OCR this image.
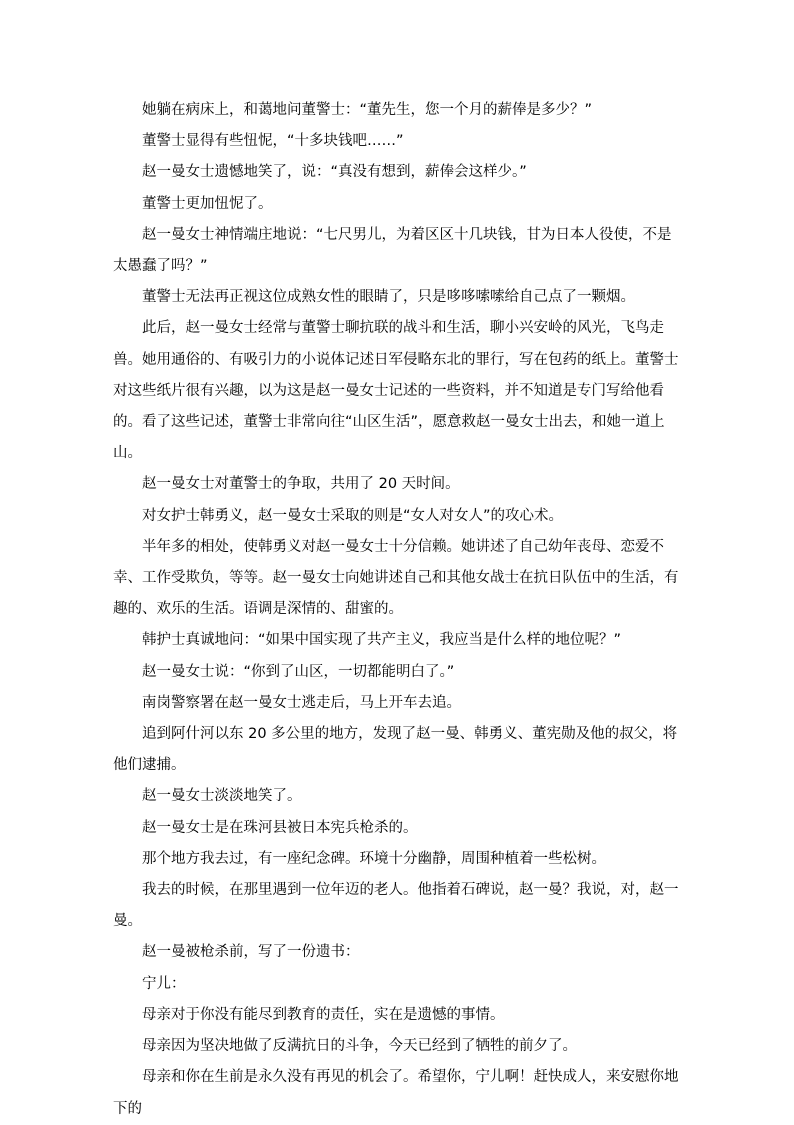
她躺在病床上，和蔼地问董警士：“董先生，您一个月的薪俸是多少？”

董警士显得有些忸怩，“十多块钱吧……”

赵一曼女士遗憾地笑了，说：“真没有想到，薪俸会这样少。”

董警士更加忸怩了。

赵一曼女士神情端庄地说：“七尺男儿，为着区区十几块钱，甘为日本人役使，不是太愚蠢了吗？”

董警士无法再正视这位成熟女性的眼睛了，只是哆哆嗦嗦给自己点了一颗烟。

此后，赵一曼女士经常与董警士聊抗联的战斗和生活，聊小兴安岭的风光，飞鸟走兽。她用通俗的、有吸引力的小说体记述日军侵略东北的罪行，写在包药的纸上。董警士对这些纸片很有兴趣，以为这是赵一曼女士记述的一些资料，并不知道是专门写给他看的。看了这些记述，董警士非常向往“山区生活”，愿意救赵一曼女士出去，和她一道上山。

赵一曼女士对董警士的争取，共用了 20 天时间。

对女护士韩勇义，赵一曼女士采取的则是“女人对女人”的攻心术。

半年多的相处，使韩勇义对赵一曼女士十分信赖。她讲述了自己幼年丧母、恋爱不幸、工作受欺负，等等。赵一曼女士向她讲述自己和其他女战士在抗日队伍中的生活，有趣的、欢乐的生活。语调是深情的、甜蜜的。

韩护士真诚地问：“如果中国实现了共产主义，我应当是什么样的地位呢？”

赵一曼女士说：“你到了山区，一切都能明白了。”

南岗警察署在赵一曼女士逃走后，马上开车去追。

追到阿什河以东 20 多公里的地方，发现了赵一曼、韩勇义、董宪勋及他的叔父，将他们逮捕。

赵一曼女士淡淡地笑了。

赵一曼女士是在珠河县被日本宪兵枪杀的。

那个地方我去过，有一座纪念碑。环境十分幽静，周围种植着一些松树。

我去的时候，在那里遇到一位年迈的老人。他指着石碑说，赵一曼？我说，对，赵一曼。

赵一曼被枪杀前，写了一份遗书：

宁儿：

母亲对于你没有能尽到教育的责任，实在是遗憾的事情。

母亲因为坚决地做了反满抗日的斗争，今天已经到了牺牲的前夕了。

母亲和你在生前是永久没有再见的机会了。希望你，宁儿啊！赶快成人，来安慰你地下的
